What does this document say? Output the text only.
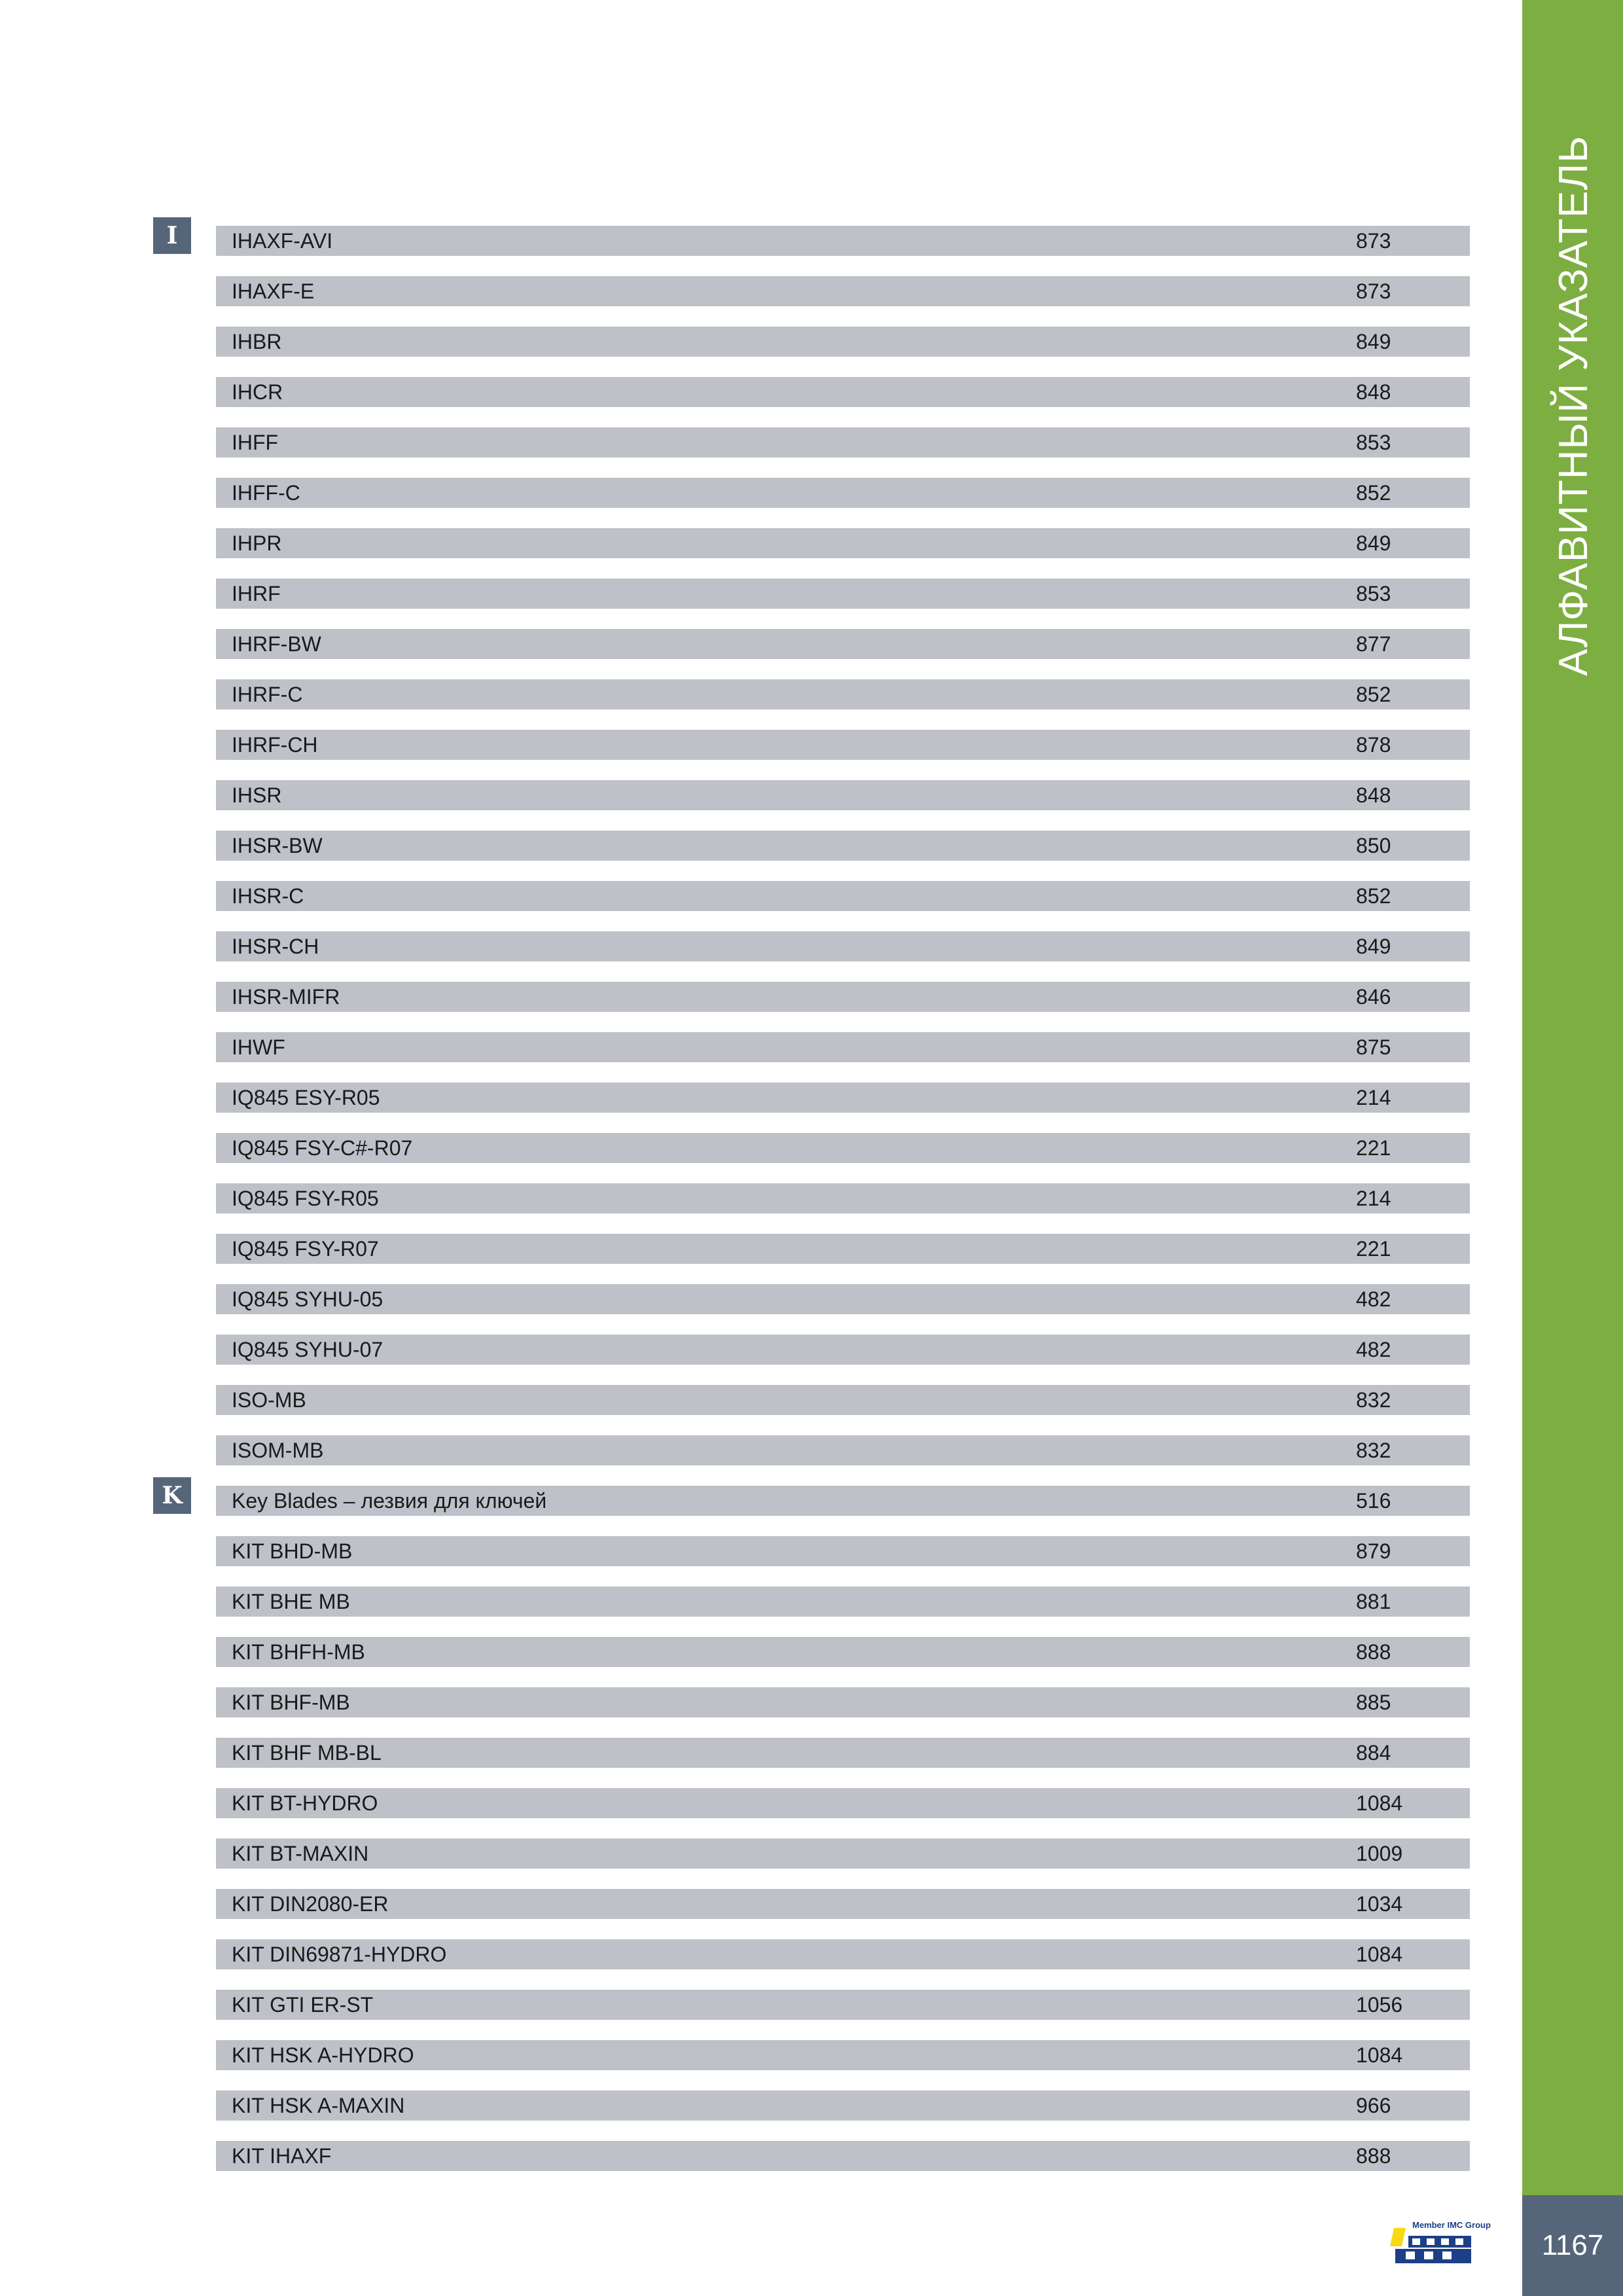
I	IHAXF-AVI	873
IHAXF-E	873
IHBR	849
IHCR	848
IHFF	853
IHFF-C	852
IHPR	849
IHRF	853
IHRF-BW	877
IHRF-C	852
IHRF-CH	878
IHSR	848
IHSR-BW	850
IHSR-C	852
IHSR-CH	849
IHSR-MIFR	846
IHWF	875
IQ845 ESY-R05	214
IQ845 FSY-C#-R07	221
IQ845 FSY-R05	214
IQ845 FSY-R07	221
IQ845 SYHU-05	482
IQ845 SYHU-07	482
ISO-MB	832
ISOM-MB	832
K	Key Blades – лезвия для ключей	516
KIT BHD-MB	879
KIT BHE MB	881
KIT BHFH-MB	888
KIT BHF-MB	885
KIT BHF MB-BL	884
KIT BT-HYDRO	1084
KIT BT-MAXIN	1009
KIT DIN2080-ER	1034
KIT DIN69871-HYDRO	1084
KIT GTI ER-ST	1056
KIT HSK A-HYDRO	1084
KIT HSK A-MAXIN	966
KIT IHAXF	888
АЛФАВИТНЫЙ УКАЗАТЕЛЬ
1167
Member IMC Group
